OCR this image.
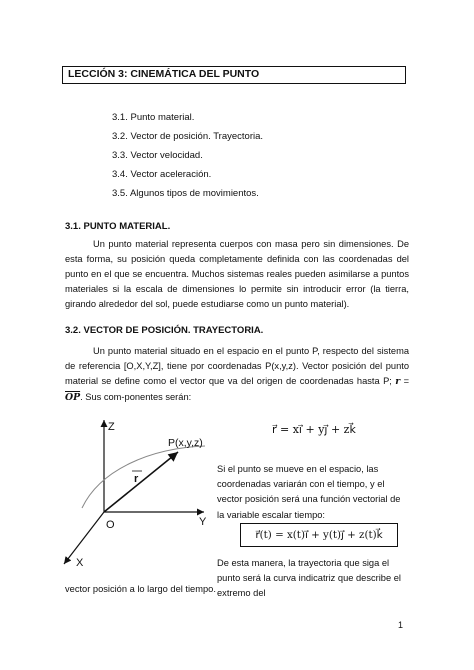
LECCIÓN 3: CINEMÁTICA DEL PUNTO
3.1. Punto material.
3.2. Vector de posición. Trayectoria.
3.3. Vector velocidad.
3.4. Vector aceleración.
3.5. Algunos tipos de movimientos.
3.1. PUNTO MATERIAL.

Un punto material representa cuerpos con masa pero sin dimensiones. De esta forma, su posición queda completamente definida con las coordenadas del punto en el que se encuentra. Muchos sistemas reales pueden asimilarse a puntos materiales si la escala de dimensiones lo permite sin introducir error (la tierra, girando alrededor del sol, puede estudiarse como un punto material).

3.2. VECTOR DE POSICIÓN. TRAYECTORIA.

Un punto material situado en el espacio en el punto P, respecto del sistema de referencia [O,X,Y,Z], tiene por coordenadas P(x,y,z). Vector posición del punto material se define como el vector que va del origen de coordenadas hasta P; $r = \overline{OP}$. Sus com-ponentes serán:

Z
Y
X
O
P(x,y,z)
r
r⃗ = xi⃗ + yj⃗ + zk⃗
Si el punto se mueve en el espacio, las coordenadas variarán con el tiempo, y el vector posición será una función vectorial de la variable escalar tiempo:
r⃗(t) = x(t)i⃗ + y(t)j⃗ + z(t)k⃗
De esta manera, la trayectoria que siga el punto será la curva indicatriz que describe el extremo del
vector posición a lo largo del tiempo.
1
